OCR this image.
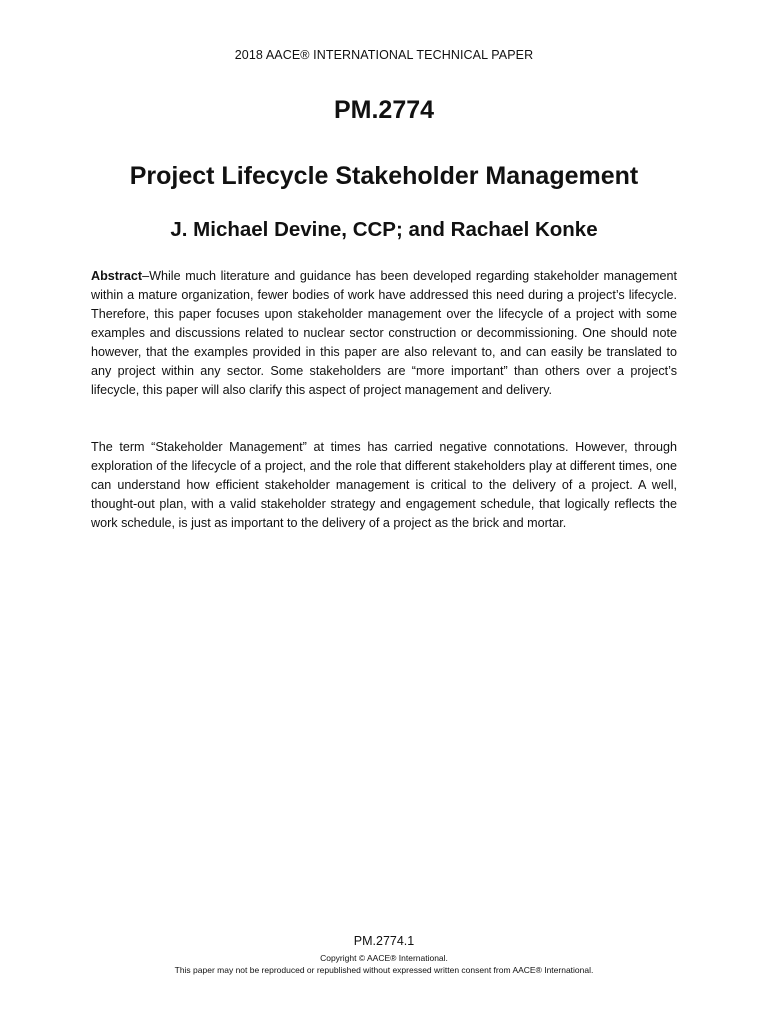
2018 AACE® INTERNATIONAL TECHNICAL PAPER
PM.2774
Project Lifecycle Stakeholder Management
J. Michael Devine, CCP; and Rachael Konke
Abstract–While much literature and guidance has been developed regarding stakeholder management within a mature organization, fewer bodies of work have addressed this need during a project’s lifecycle. Therefore, this paper focuses upon stakeholder management over the lifecycle of a project with some examples and discussions related to nuclear sector construction or decommissioning. One should note however, that the examples provided in this paper are also relevant to, and can easily be translated to any project within any sector. Some stakeholders are “more important” than others over a project’s lifecycle, this paper will also clarify this aspect of project management and delivery.
The term “Stakeholder Management” at times has carried negative connotations. However, through exploration of the lifecycle of a project, and the role that different stakeholders play at different times, one can understand how efficient stakeholder management is critical to the delivery of a project. A well, thought-out plan, with a valid stakeholder strategy and engagement schedule, that logically reflects the work schedule, is just as important to the delivery of a project as the brick and mortar.
PM.2774.1
Copyright © AACE® International.
This paper may not be reproduced or republished without expressed written consent from AACE® International.
